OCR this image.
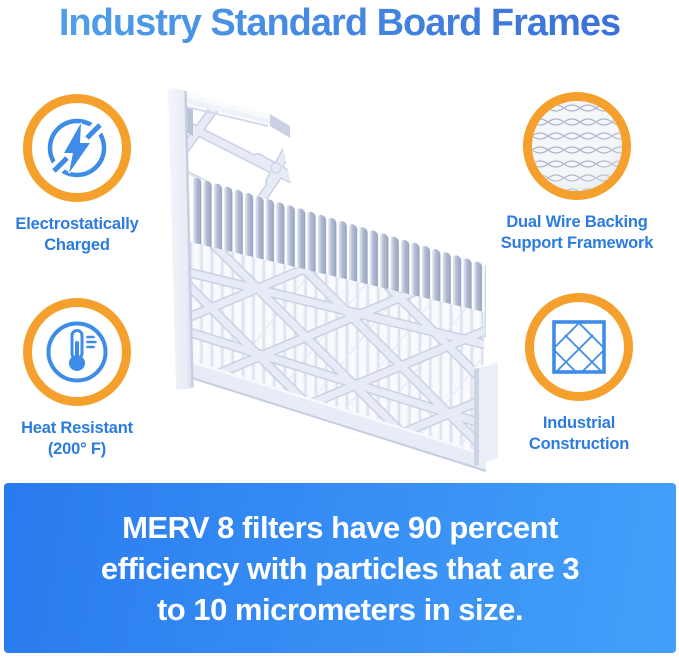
Industry Standard Board Frames
Electrostatically
Charged
Dual Wire Backing
Support Framework
Heat Resistant
(200° F)
Industrial
Construction
MERV 8 filters have 90 percent
efficiency with particles that are 3
to 10 micrometers in size.
